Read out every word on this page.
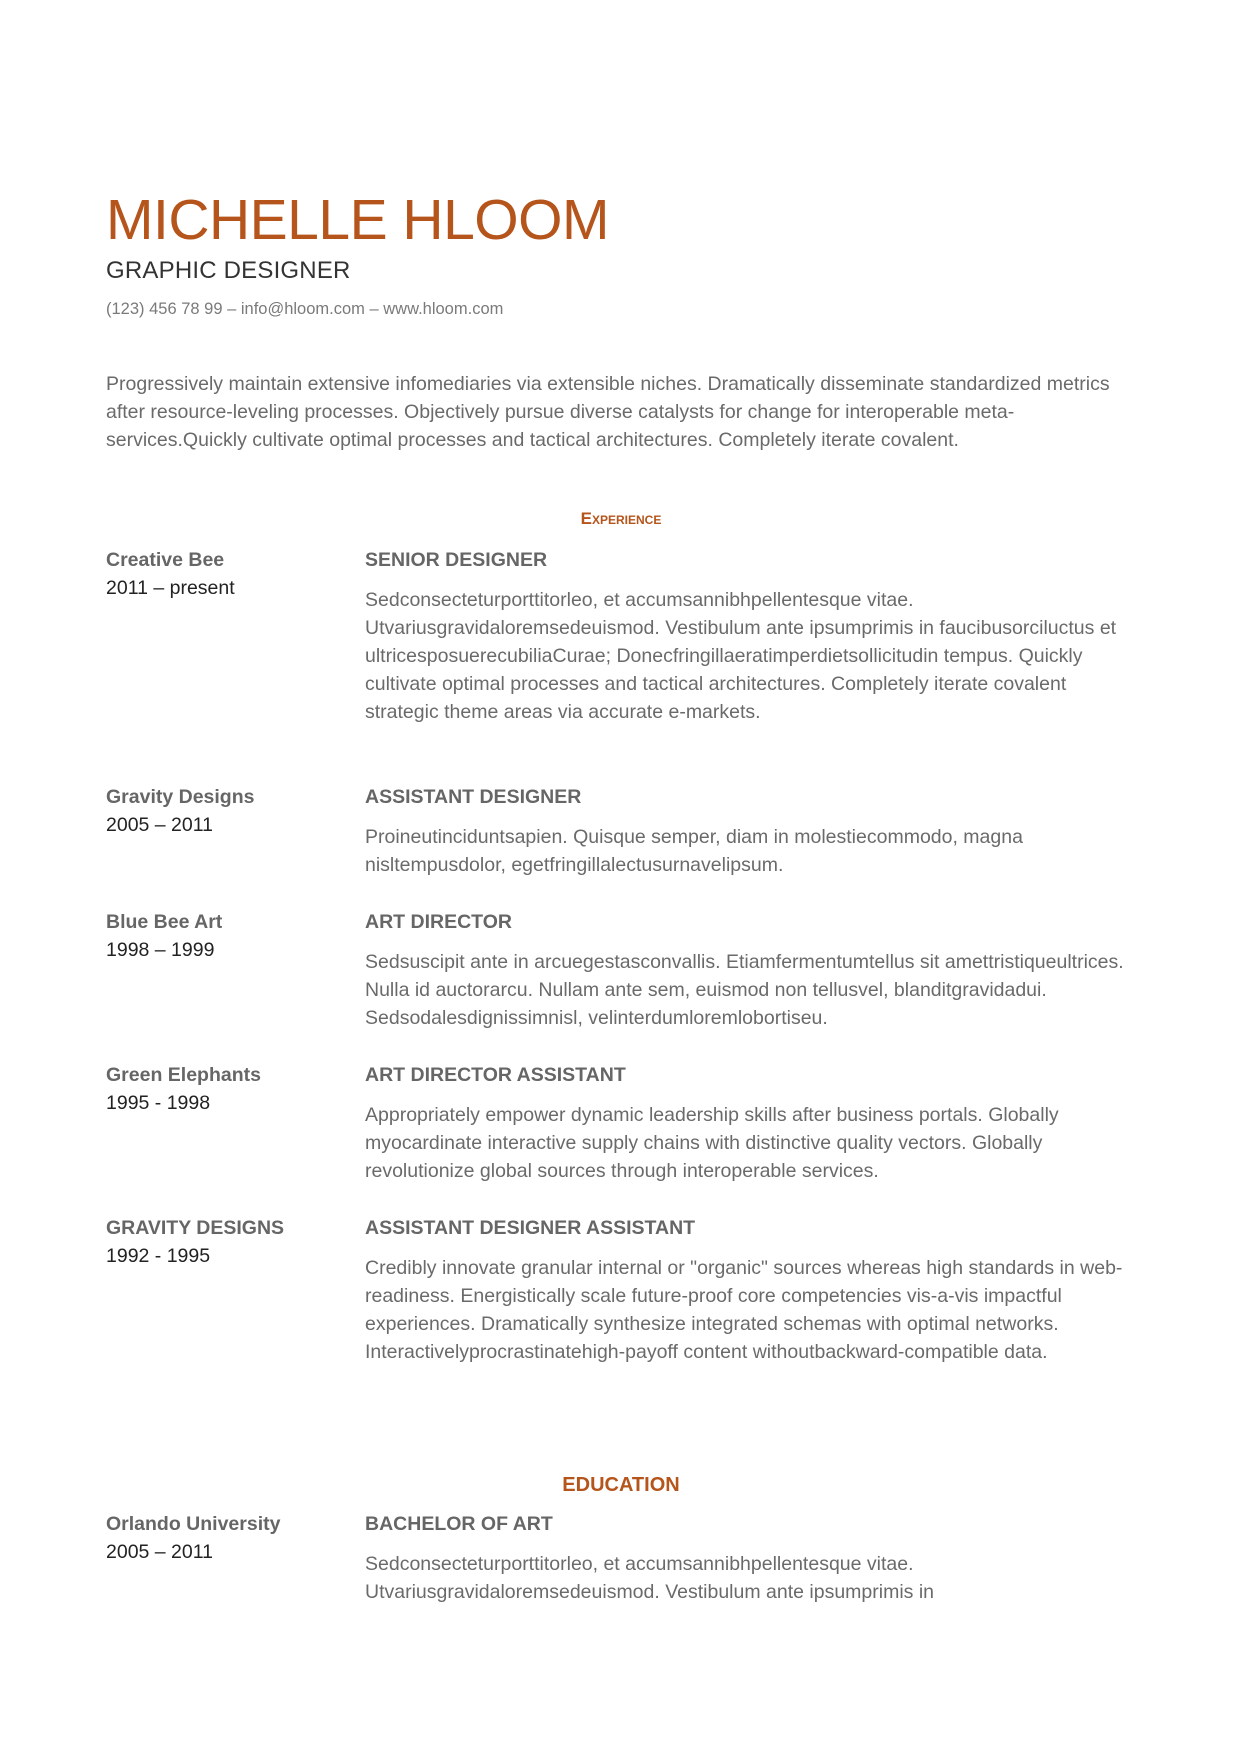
MICHELLE HLOOM
GRAPHIC DESIGNER
(123) 456 78 99 – info@hloom.com – www.hloom.com

Progressively maintain extensive infomediaries via extensible niches. Dramatically disseminate standardized metrics after resource-leveling processes. Objectively pursue diverse catalysts for change for interoperable meta-services.Quickly cultivate optimal processes and tactical architectures. Completely iterate covalent.

Experience
Creative Bee
2011 – present
SENIOR DESIGNER

Sedconsecteturporttitorleo, et accumsannibhpellentesque vitae. Utvariusgravidaloremsedeuismod. Vestibulum ante ipsumprimis in faucibusorciluctus et ultricesposuerecubiliaCurae; Donecfringillaeratimperdietsollicitudin tempus. Quickly cultivate optimal processes and tactical architectures. Completely iterate covalent strategic theme areas via accurate e-markets.

Gravity Designs
2005 – 2011
ASSISTANT DESIGNER

Proineutinciduntsapien. Quisque semper, diam in molestiecommodo, magna nisltempusdolor, egetfringillalectusurnavelipsum.

Blue Bee Art
1998 – 1999
ART DIRECTOR

Sedsuscipit ante in arcuegestasconvallis. Etiamfermentumtellus sit amettristiqueultrices. Nulla id auctorarcu. Nullam ante sem, euismod non tellusvel, blanditgravidadui. Sedsodalesdignissimnisl, velinterdumloremlobortiseu.

Green Elephants
1995 - 1998
ART DIRECTOR ASSISTANT

Appropriately empower dynamic leadership skills after business portals. Globally myocardinate interactive supply chains with distinctive quality vectors. Globally revolutionize global sources through interoperable services.

GRAVITY DESIGNS
1992 - 1995
ASSISTANT DESIGNER ASSISTANT

Credibly innovate granular internal or "organic" sources whereas high standards in web-readiness. Energistically scale future-proof core competencies vis-a-vis impactful experiences. Dramatically synthesize integrated schemas with optimal networks. Interactivelyprocrastinatehigh-payoff content withoutbackward-compatible data.

EDUCATION
Orlando University
2005 – 2011
BACHELOR OF ART

Sedconsecteturporttitorleo, et accumsannibhpellentesque vitae. Utvariusgravidaloremsedeuismod. Vestibulum ante ipsumprimis in
